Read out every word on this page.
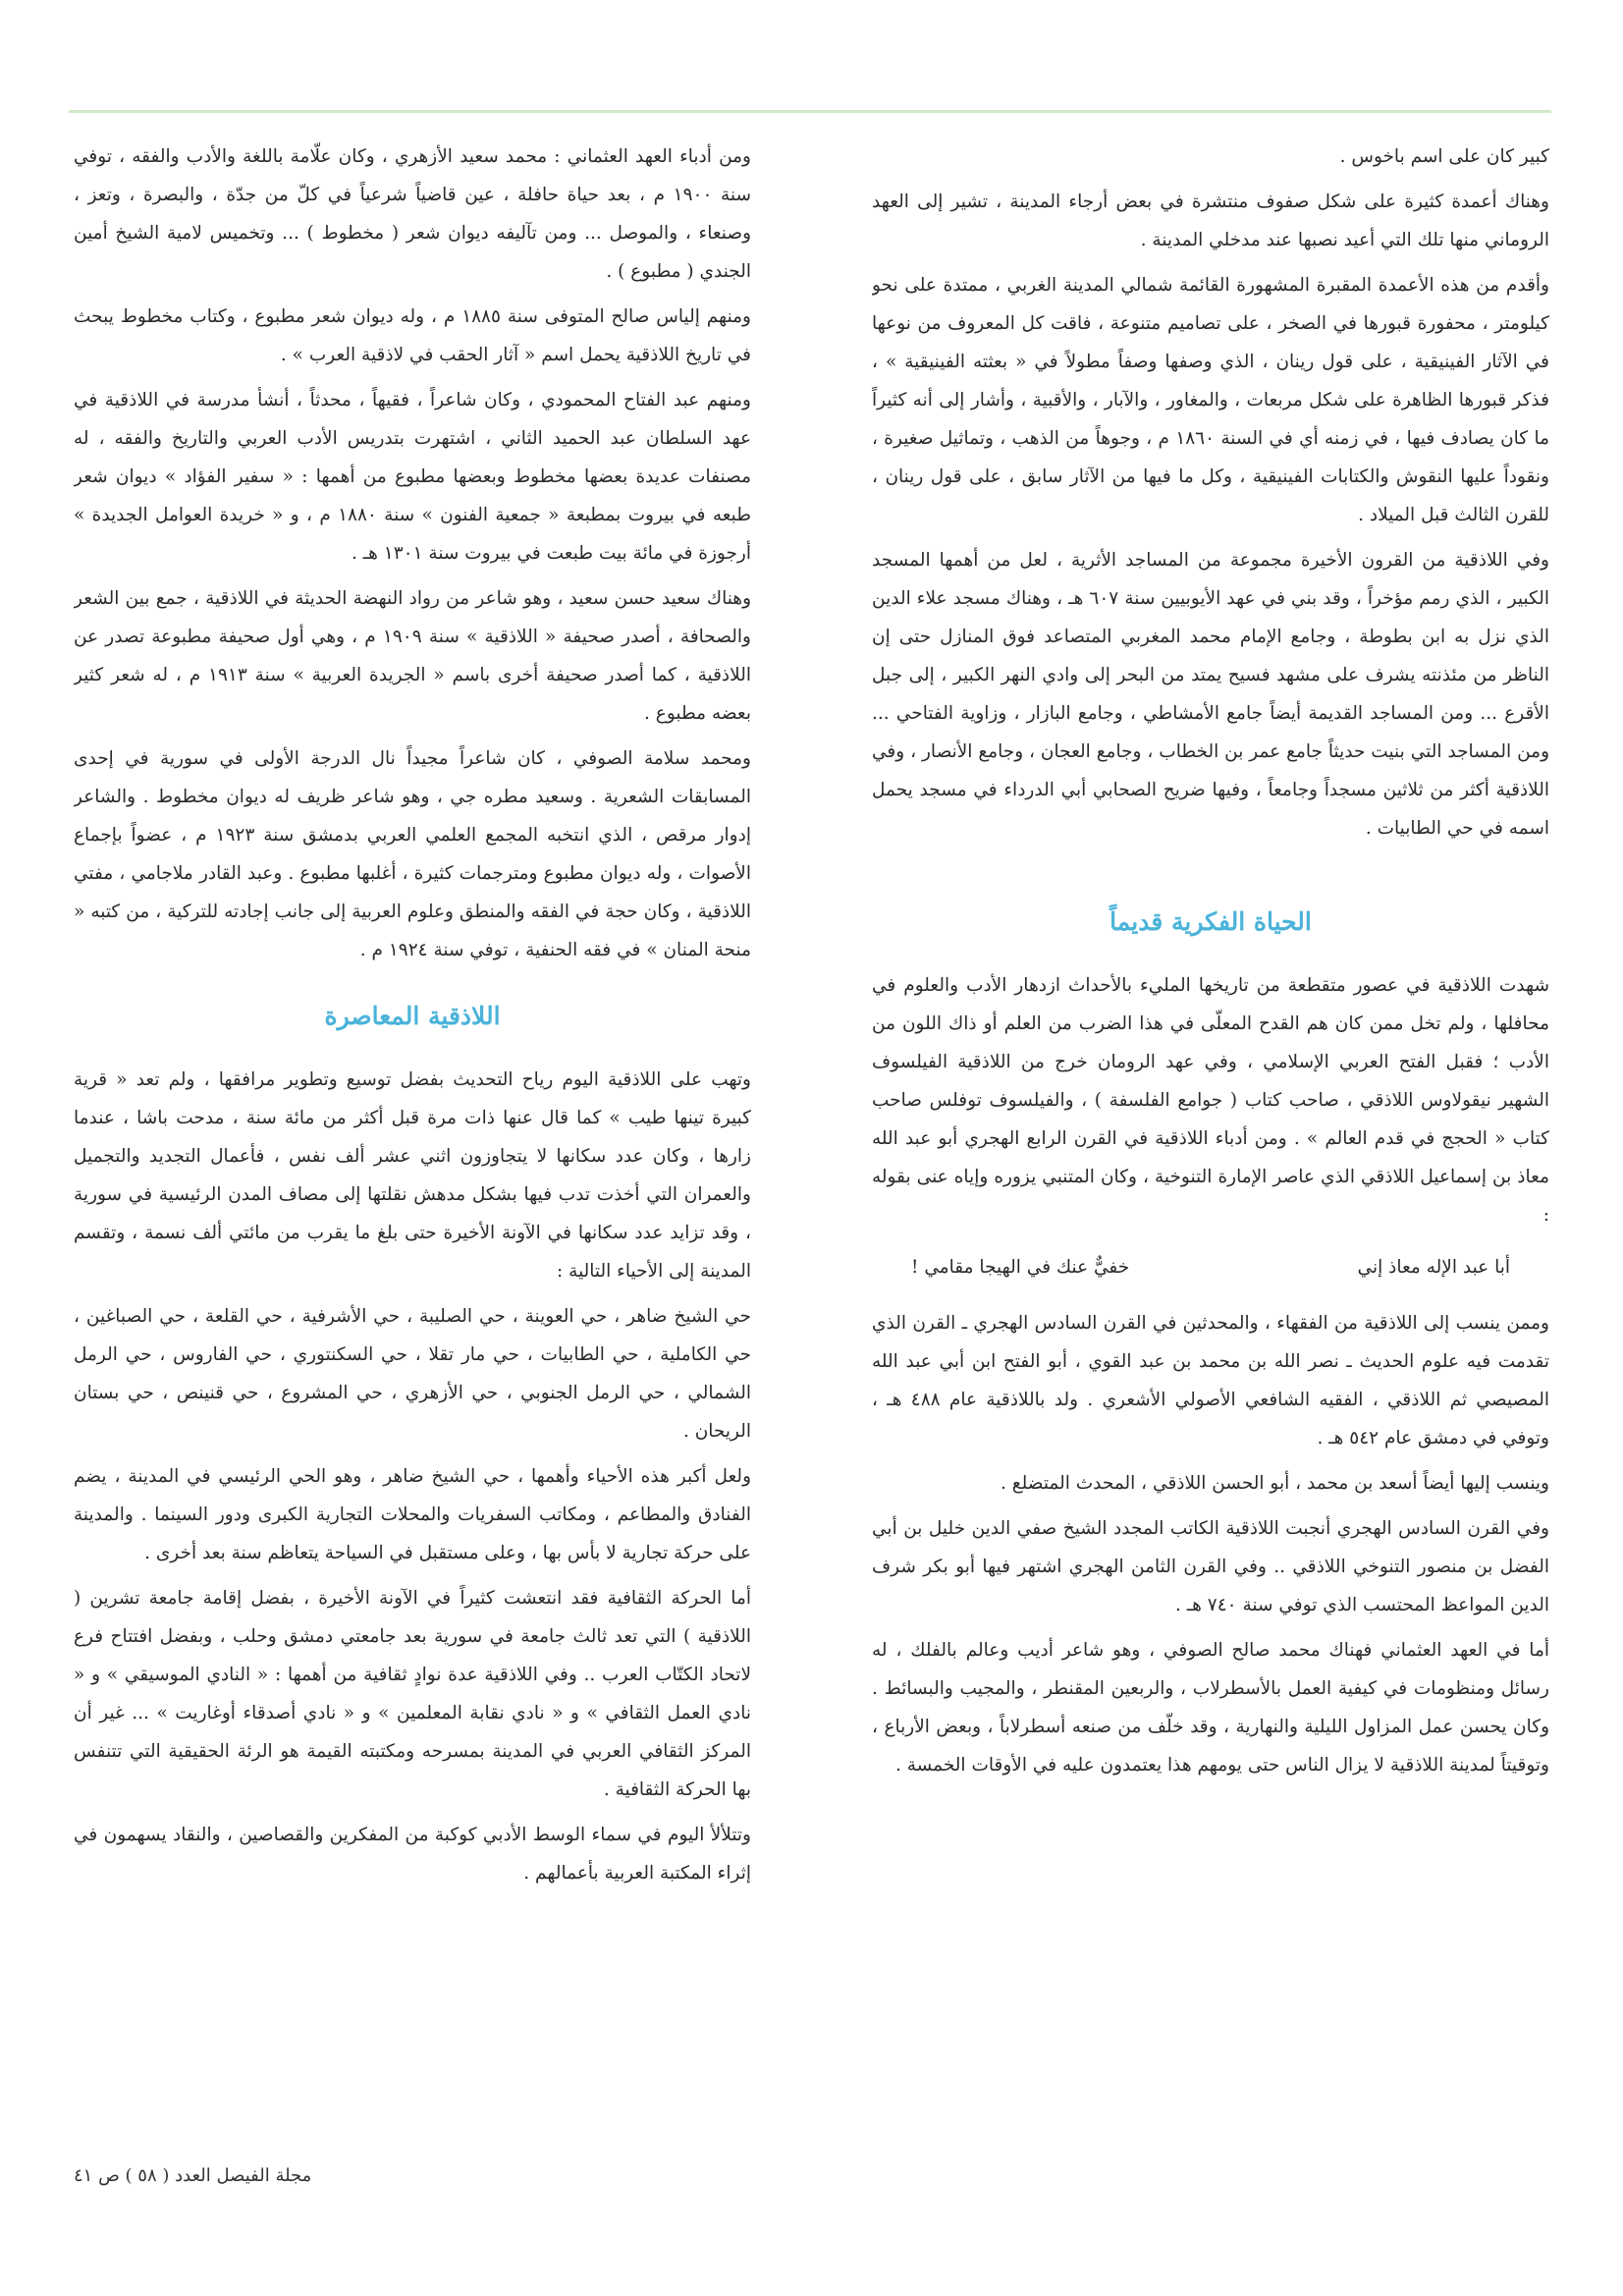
كبير كان على اسم باخوس .

وهناك أعمدة كثيرة على شكل صفوف منتشرة في بعض أرجاء المدينة ، تشير إلى العهد الروماني منها تلك التي أعيد نصبها عند مدخلي المدينة .

وأقدم من هذه الأعمدة المقبرة المشهورة القائمة شمالي المدينة الغربي ، ممتدة على نحو كيلومتر ، محفورة قبورها في الصخر ، على تصاميم متنوعة ، فاقت كل المعروف من نوعها في الآثار الفينيقية ، على قول رينان ، الذي وصفها وصفاً مطولاً في « بعثته الفينيقية » ، فذكر قبورها الظاهرة على شكل مربعات ، والمغاور ، والآبار ، والأقبية ، وأشار إلى أنه كثيراً ما كان يصادف فيها ، في زمنه أي في السنة ١٨٦٠ م ، وجوهاً من الذهب ، وتماثيل صغيرة ، ونقوداً عليها النقوش والكتابات الفينيقية ، وكل ما فيها من الآثار سابق ، على قول رينان ، للقرن الثالث قبل الميلاد .

وفي اللاذقية من القرون الأخيرة مجموعة من المساجد الأثرية ، لعل من أهمها المسجد الكبير ، الذي رمم مؤخراً ، وقد بني في عهد الأيوبيين سنة ٦٠٧ هـ ، وهناك مسجد علاء الدين الذي نزل به ابن بطوطة ، وجامع الإمام محمد المغربي المتصاعد فوق المنازل حتى إن الناظر من مئذنته يشرف على مشهد فسيح يمتد من البحر إلى وادي النهر الكبير ، إلى جبل الأقرع ... ومن المساجد القديمة أيضاً جامع الأمشاطي ، وجامع البازار ، وزاوية الفتاحي ... ومن المساجد التي بنيت حديثاً جامع عمر بن الخطاب ، وجامع العجان ، وجامع الأنصار ، وفي اللاذقية أكثر من ثلاثين مسجداً وجامعاً ، وفيها ضريح الصحابي أبي الدرداء في مسجد يحمل اسمه في حي الطابيات .

الحياة الفكرية قديماً

شهدت اللاذقية في عصور متقطعة من تاريخها المليء بالأحداث ازدهار الأدب والعلوم في محافلها ، ولم تخل ممن كان هم القدح المعلّى في هذا الضرب من العلم أو ذاك اللون من الأدب ؛ فقبل الفتح العربي الإسلامي ، وفي عهد الرومان خرج من اللاذقية الفيلسوف الشهير نيقولاوس اللاذقي ، صاحب كتاب ( جوامع الفلسفة ) ، والفيلسوف توفلس صاحب كتاب « الحجج في قدم العالم » . ومن أدباء اللاذقية في القرن الرابع الهجري أبو عبد الله معاذ بن إسماعيل اللاذقي الذي عاصر الإمارة التنوخية ، وكان المتنبي يزوره وإياه عنى بقوله :

أبا عبد الإله معاذ إني
خفيٌّ عنك في الهيجا مقامي !

وممن ينسب إلى اللاذقية من الفقهاء ، والمحدثين في القرن السادس الهجري ـ القرن الذي تقدمت فيه علوم الحديث ـ نصر الله بن محمد بن عبد القوي ، أبو الفتح ابن أبي عبد الله المصيصي ثم اللاذقي ، الفقيه الشافعي الأصولي الأشعري . ولد باللاذقية عام ٤٨٨ هـ ، وتوفي في دمشق عام ٥٤٢ هـ .

وينسب إليها أيضاً أسعد بن محمد ، أبو الحسن اللاذقي ، المحدث المتضلع .

وفي القرن السادس الهجري أنجبت اللاذقية الكاتب المجدد الشيخ صفي الدين خليل بن أبي الفضل بن منصور التنوخي اللاذقي .. وفي القرن الثامن الهجري اشتهر فيها أبو بكر شرف الدين المواعظ المحتسب الذي توفي سنة ٧٤٠ هـ .

أما في العهد العثماني فهناك محمد صالح الصوفي ، وهو شاعر أديب وعالم بالفلك ، له رسائل ومنظومات في كيفية العمل بالأسطرلاب ، والربعين المقنطر ، والمجيب والبسائط . وكان يحسن عمل المزاول الليلية والنهارية ، وقد خلّف من صنعه أسطرلاباً ، وبعض الأرباع ، وتوقيتاً لمدينة اللاذقية لا يزال الناس حتى يومهم هذا يعتمدون عليه في الأوقات الخمسة .

ومن أدباء العهد العثماني : محمد سعيد الأزهري ، وكان علّامة باللغة والأدب والفقه ، توفي سنة ١٩٠٠ م ، بعد حياة حافلة ، عين قاضياً شرعياً في كلّ من جدّة ، والبصرة ، وتعز ، وصنعاء ، والموصل ... ومن تآليفه ديوان شعر ( مخطوط ) ... وتخميس لامية الشيخ أمين الجندي ( مطبوع ) .

ومنهم إلياس صالح المتوفى سنة ١٨٨٥ م ، وله ديوان شعر مطبوع ، وكتاب مخطوط يبحث في تاريخ اللاذقية يحمل اسم « آثار الحقب في لاذقية العرب » .

ومنهم عبد الفتاح المحمودي ، وكان شاعراً ، فقيهاً ، محدثاً ، أنشأ مدرسة في اللاذقية في عهد السلطان عبد الحميد الثاني ، اشتهرت بتدريس الأدب العربي والتاريخ والفقه ، له مصنفات عديدة بعضها مخطوط وبعضها مطبوع من أهمها : « سفير الفؤاد » ديوان شعر طبعه في بيروت بمطبعة « جمعية الفنون » سنة ١٨٨٠ م ، و « خريدة العوامل الجديدة » أرجوزة في مائة بيت طبعت في بيروت سنة ١٣٠١ هـ .

وهناك سعيد حسن سعيد ، وهو شاعر من رواد النهضة الحديثة في اللاذقية ، جمع بين الشعر والصحافة ، أصدر صحيفة « اللاذقية » سنة ١٩٠٩ م ، وهي أول صحيفة مطبوعة تصدر عن اللاذقية ، كما أصدر صحيفة أخرى باسم « الجريدة العربية » سنة ١٩١٣ م ، له شعر كثير بعضه مطبوع .

ومحمد سلامة الصوفي ، كان شاعراً مجيداً نال الدرجة الأولى في سورية في إحدى المسابقات الشعرية . وسعيد مطره جي ، وهو شاعر ظريف له ديوان مخطوط . والشاعر إدوار مرقص ، الذي انتخبه المجمع العلمي العربي بدمشق سنة ١٩٢٣ م ، عضواً بإجماع الأصوات ، وله ديوان مطبوع ومترجمات كثيرة ، أغلبها مطبوع . وعبد القادر ملاجامي ، مفتي اللاذقية ، وكان حجة في الفقه والمنطق وعلوم العربية إلى جانب إجادته للتركية ، من كتبه « منحة المنان » في فقه الحنفية ، توفي سنة ١٩٢٤ م .

اللاذقية المعاصرة

وتهب على اللاذقية اليوم رياح التحديث بفضل توسيع وتطوير مرافقها ، ولم تعد « قرية كبيرة تينها طيب » كما قال عنها ذات مرة قبل أكثر من مائة سنة ، مدحت باشا ، عندما زارها ، وكان عدد سكانها لا يتجاوزون اثني عشر ألف نفس ، فأعمال التجديد والتجميل والعمران التي أخذت تدب فيها بشكل مدهش نقلتها إلى مصاف المدن الرئيسية في سورية ، وقد تزايد عدد سكانها في الآونة الأخيرة حتى بلغ ما يقرب من مائتي ألف نسمة ، وتقسم المدينة إلى الأحياء التالية :

حي الشيخ ضاهر ، حي العوينة ، حي الصليبة ، حي الأشرفية ، حي القلعة ، حي الصباغين ، حي الكاملية ، حي الطابيات ، حي مار تقلا ، حي السكنتوري ، حي الفاروس ، حي الرمل الشمالي ، حي الرمل الجنوبي ، حي الأزهري ، حي المشروع ، حي قنينص ، حي بستان الريحان .

ولعل أكبر هذه الأحياء وأهمها ، حي الشيخ ضاهر ، وهو الحي الرئيسي في المدينة ، يضم الفنادق والمطاعم ، ومكاتب السفريات والمحلات التجارية الكبرى ودور السينما . والمدينة على حركة تجارية لا بأس بها ، وعلى مستقبل في السياحة يتعاظم سنة بعد أخرى .

أما الحركة الثقافية فقد انتعشت كثيراً في الآونة الأخيرة ، بفضل إقامة جامعة تشرين ( اللاذقية ) التي تعد ثالث جامعة في سورية بعد جامعتي دمشق وحلب ، وبفضل افتتاح فرع لاتحاد الكتّاب العرب .. وفي اللاذقية عدة نوادٍ ثقافية من أهمها : « النادي الموسيقي » و « نادي العمل الثقافي » و « نادي نقابة المعلمين » و « نادي أصدقاء أوغاريت » ... غير أن المركز الثقافي العربي في المدينة بمسرحه ومكتبته القيمة هو الرئة الحقيقية التي تتنفس بها الحركة الثقافية .

وتتلألأ اليوم في سماء الوسط الأدبي كوكبة من المفكرين والقصاصين ، والنقاد يسهمون في إثراء المكتبة العربية بأعمالهم .

مجلة الفيصل العدد ( ٥٨ ) ص ٤١
